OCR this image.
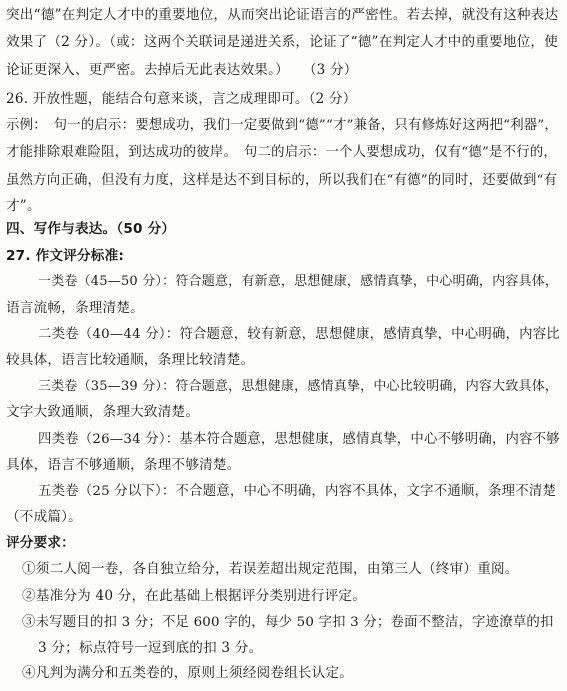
突出“德”在判定人才中的重要地位，从而突出论证语言的严密性。若去掉，就没有这种表达
效果了（2 分）。（或：这两个关联词是递进关系，论证了“德”在判定人才中的重要地位，使
论证更深入、更严密。去掉后无此表达效果。）　　（3 分）
26. 开放性题，能结合句意来谈，言之成理即可。（2 分）
示例：　句一的启示：要想成功，我们一定要做到“德”“才”兼备，只有修炼好这两把“利器”，
才能排除艰难险阻，到达成功的彼岸。　句二的启示：一个人要想成功，仅有“德”是不行的，
虽然方向正确，但没有力度，这样是达不到目标的，所以我们在“有德”的同时，还要做到“有
才”。
四、写作与表达。（50 分）
27. 作文评分标准:
一类卷（45—50 分）：符合题意，有新意，思想健康，感情真挚，中心明确，内容具体，
语言流畅，条理清楚。
二类卷（40—44 分）：符合题意，较有新意，思想健康，感情真挚，中心明确，内容比
较具体，语言比较通顺，条理比较清楚。
三类卷（35—39 分）：符合题意，思想健康，感情真挚，中心比较明确，内容大致具体，
文字大致通顺，条理大致清楚。
四类卷（26—34 分）：基本符合题意，思想健康，感情真挚，中心不够明确，内容不够
具体，语言不够通顺，条理不够清楚。
五类卷（25 分以下）：不合题意，中心不明确，内容不具体，文字不通顺，条理不清楚
（不成篇）。
评分要求：
①须二人阅一卷，各自独立给分，若误差超出规定范围，由第三人（终审）重阅。
②基准分为 40 分，在此基础上根据评分类别进行评定。
③未写题目的扣 3 分；不足 600 字的，每少 50 字扣 3 分；卷面不整洁，字迹潦草的扣
3 分；标点符号一逗到底的扣 3 分。
④凡判为满分和五类卷的，原则上须经阅卷组长认定。
